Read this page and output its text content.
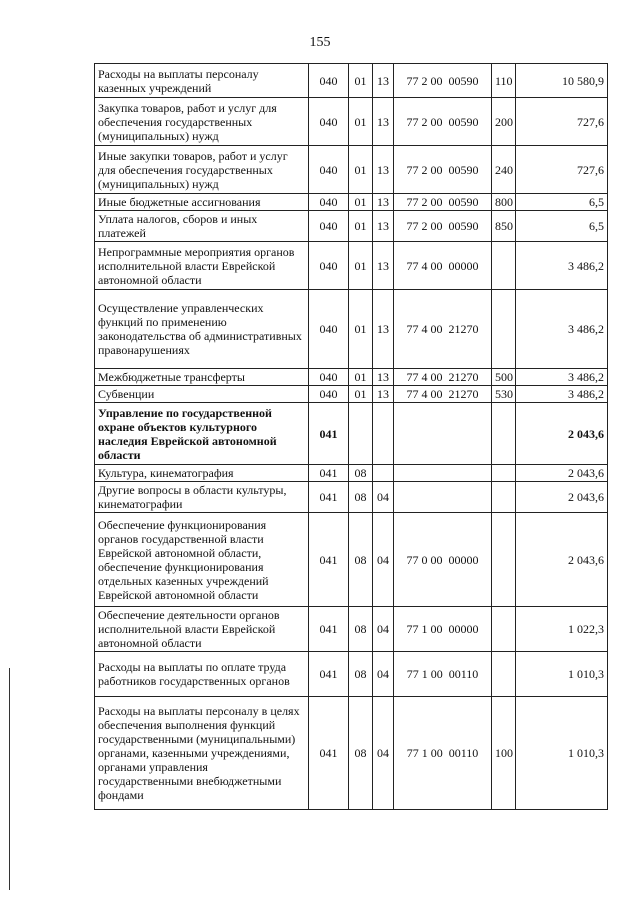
155
Расходы на выплаты персоналу казенных учреждений	040	01	13	77 2 00  00590	110	10 580,9
Закупка товаров, работ и услуг для обеспечения государственных (муниципальных) нужд	040	01	13	77 2 00  00590	200	727,6
Иные закупки товаров, работ и услуг для обеспечения государственных (муниципальных) нужд	040	01	13	77 2 00  00590	240	727,6
Иные бюджетные ассигнования	040	01	13	77 2 00  00590	800	6,5
Уплата налогов, сборов и иных платежей	040	01	13	77 2 00  00590	850	6,5
Непрограммные мероприятия органов исполнительной власти Еврейской автономной области	040	01	13	77 4 00  00000		3 486,2
Осуществление управленческих функций по применению законодательства об административных правонарушениях	040	01	13	77 4 00  21270		3 486,2
Межбюджетные трансферты	040	01	13	77 4 00  21270	500	3 486,2
Субвенции	040	01	13	77 4 00  21270	530	3 486,2
Управление по государственной охране объектов культурного наследия Еврейской автономной области	041					2 043,6
Культура, кинематография	041	08				2 043,6
Другие вопросы в области культуры, кинематографии	041	08	04			2 043,6
Обеспечение функционирования органов государственной власти Еврейской автономной области, обеспечение функционирования отдельных казенных учреждений Еврейской автономной области	041	08	04	77 0 00  00000		2 043,6
Обеспечение деятельности органов исполнительной власти Еврейской автономной области	041	08	04	77 1 00  00000		1 022,3
Расходы на выплаты по оплате труда работников государственных органов	041	08	04	77 1 00  00110		1 010,3
Расходы на выплаты персоналу в целях обеспечения выполнения функций государственными (муниципальными) органами, казенными учреждениями, органами управления государственными внебюджетными фондами	041	08	04	77 1 00  00110	100	1 010,3
